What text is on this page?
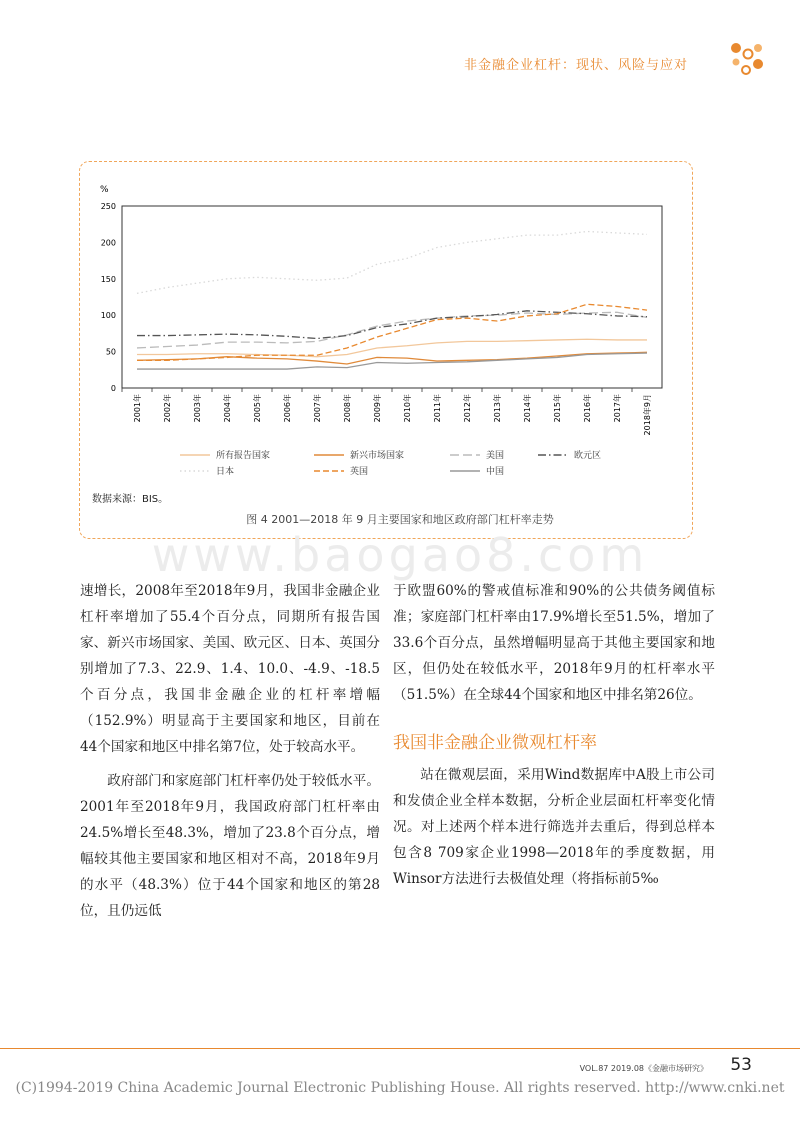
非金融企业杠杆：现状、风险与应对
%
0
50
100
150
200
250
2001年	2002年	2003年	2004年	2005年	2006年	2007年	2008年	2009年	2010年	2011年	2012年	2013年	2014年	2015年	2016年	2017年	2018年9月
所有报告国家	新兴市场国家	美国	欧元区
日本	英国	中国
数据来源：BIS。
图 4 2001—2018 年 9 月主要国家和地区政府部门杠杆率走势
www.baogao8.com

速增长，2008年至2018年9月，我国非金融企业杠杆率增加了55.4个百分点，同期所有报告国家、新兴市场国家、美国、欧元区、日本、英国分别增加了7.3、22.9、1.4、10.0、-4.9、-18.5个百分点，我国非金融企业的杠杆率增幅（152.9%）明显高于主要国家和地区，目前在44个国家和地区中排名第7位，处于较高水平。

政府部门和家庭部门杠杆率仍处于较低水平。2001年至2018年9月，我国政府部门杠杆率由24.5%增长至48.3%，增加了23.8个百分点，增幅较其他主要国家和地区相对不高，2018年9月的水平（48.3%）位于44个国家和地区的第28位，且仍远低

于欧盟60%的警戒值标准和90%的公共债务阈值标准；家庭部门杠杆率由17.9%增长至51.5%，增加了33.6个百分点，虽然增幅明显高于其他主要国家和地区，但仍处在较低水平，2018年9月的杠杆率水平（51.5%）在全球44个国家和地区中排名第26位。

我国非金融企业微观杠杆率

站在微观层面，采用Wind数据库中A股上市公司和发债企业全样本数据，分析企业层面杠杆率变化情况。对上述两个样本进行筛选并去重后，得到总样本包含8 709家企业1998—2018年的季度数据，用Winsor方法进行去极值处理（将指标前5‰

VOL.87 2019.08《金融市场研究》 53
(C)1994-2019 China Academic Journal Electronic Publishing House. All rights reserved. http://www.cnki.net
